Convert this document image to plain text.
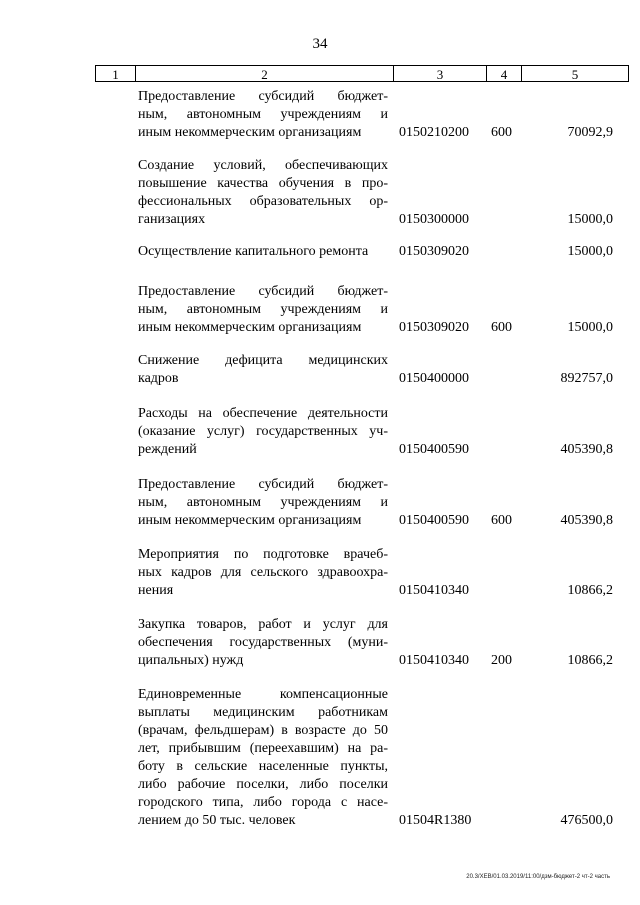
34
1	2	3	4	5
Предоставление субсидий бюджет-
ным, автономным учреждениям и
иным некоммерческим организациям	0150210200 600	70092,9
Создание условий, обеспечивающих
повышение качества обучения в про-
фессиональных образовательных ор-
ганизациях	0150300000	15000,0
Осуществление капитального ремонта	0150309020	15000,0
Предоставление субсидий бюджет-
ным, автономным учреждениям и
иным некоммерческим организациям	0150309020 600	15000,0
Снижение дефицита медицинских
кадров	0150400000	892757,0
Расходы на обеспечение деятельности
(оказание услуг) государственных уч-
реждений	0150400590	405390,8
Предоставление субсидий бюджет-
ным, автономным учреждениям и
иным некоммерческим организациям	0150400590 600	405390,8
Мероприятия по подготовке врачеб-
ных кадров для сельского здравоохра-
нения	0150410340	10866,2
Закупка товаров, работ и услуг для
обеспечения государственных (муни-
ципальных) нужд	0150410340 200	10866,2
Единовременные компенсационные
выплаты медицинским работникам
(врачам, фельдшерам) в возрасте до 50
лет, прибывшим (переехавшим) на ра-
боту в сельские населенные пункты,
либо рабочие поселки, либо поселки
городского типа, либо города с насе-
лением до 50 тыс. человек	01504R1380	476500,0
20.3/ХЕВ/01.03.2019/11:00/дзм-бюджет-2 чт-2 часть
